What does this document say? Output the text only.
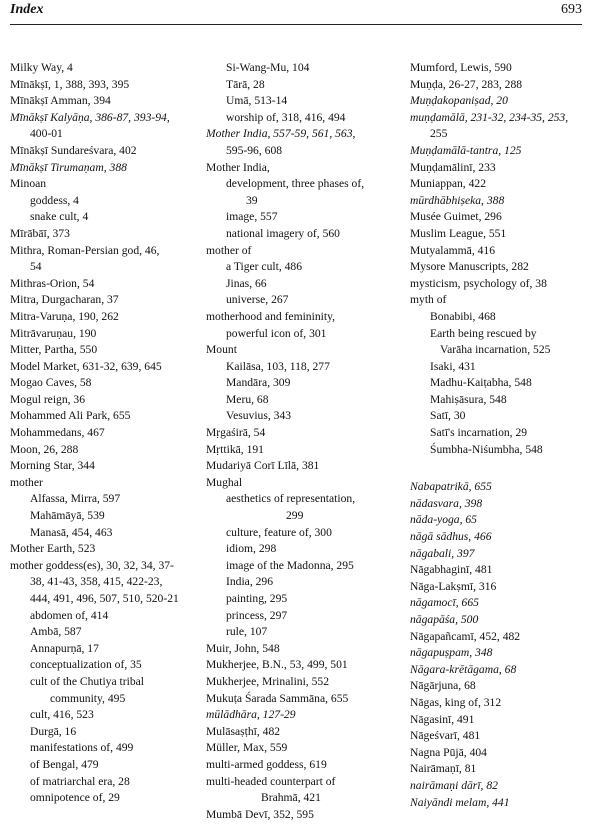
Index	693
Milky Way, 4
Mīnākṣī, 1, 388, 393, 395
Mīnākṣī Amman, 394
Mīnākṣī Kalyāṇa, 386-87, 393-94,
400-01
Mīnākṣī Sundareśvara, 402
Mīnākṣī Tirumaṇam, 388
Minoan
goddess, 4
snake cult, 4
Mīrābāī, 373
Mithra, Roman-Persian god, 46,
54
Mithras-Orion, 54
Mitra, Durgacharan, 37
Mitra-Varuṇa, 190, 262
Mitrāvaruṇau, 190
Mitter, Partha, 550
Model Market, 631-32, 639, 645
Mogao Caves, 58
Mogul reign, 36
Mohammed Ali Park, 655
Mohammedans, 467
Moon, 26, 288
Morning Star, 344
mother
Alfassa, Mirra, 597
Mahāmāyā, 539
Manasā, 454, 463
Mother Earth, 523
mother goddess(es), 30, 32, 34, 37-
38, 41-43, 358, 415, 422-23,
444, 491, 496, 507, 510, 520-21
abdomen of, 414
Ambā, 587
Annapurṇā, 17
conceptualization of, 35
cult of the Chutiya tribal
community, 495
cult, 416, 523
Durgā, 16
manifestations of, 499
of Bengal, 479
of matriarchal era, 28
omnipotence of, 29
Si-Wang-Mu, 104
Tārā, 28
Umā, 513-14
worship of, 318, 416, 494
Mother India, 557-59, 561, 563,
595-96, 608
Mother India,
development, three phases of,
39
image, 557
national imagery of, 560
mother of
a Tiger cult, 486
Jinas, 66
universe, 267
motherhood and femininity,
powerful icon of, 301
Mount
Kailāsa, 103, 118, 277
Mandāra, 309
Meru, 68
Vesuvius, 343
Mṛgaśirā, 54
Mṛttikā, 191
Mudariyā Corī Līlā, 381
Mughal
aesthetics of representation,
299
culture, feature of, 300
idiom, 298
image of the Madonna, 295
India, 296
painting, 295
princess, 297
rule, 107
Muir, John, 548
Mukherjee, B.N., 53, 499, 501
Mukherjee, Mrinalini, 552
Mukuṭa Śarada Sammāna, 655
mūlādhāra, 127-29
Mulāsaṣṭhī, 482
Müller, Max, 559
multi-armed goddess, 619
multi-headed counterpart of
Brahmā, 421
Mumbā Devī, 352, 595
Mumford, Lewis, 590
Muṇḍa, 26-27, 283, 288
Muṇḍakopaniṣad, 20
muṇḍamālā, 231-32, 234-35, 253,
255
Muṇḍamālā-tantra, 125
Muṇḍamālinī, 233
Muniappan, 422
mūrdhābhiṣeka, 388
Musée Guimet, 296
Muslim League, 551
Mutyalammā, 416
Mysore Manuscripts, 282
mysticism, psychology of, 38
myth of
Bonabibi, 468
Earth being rescued by
Varāha incarnation, 525
Isaki, 431
Madhu-Kaiṭabha, 548
Mahiṣāsura, 548
Satī, 30
Satī's incarnation, 29
Śumbha-Niśumbha, 548
Nabapatrikā, 655
nādasvara, 398
nāda-yoga, 65
nāgā sādhus, 466
nāgabali, 397
Nāgabhaginī, 481
Nāga-Lakṣmī, 316
nāgamocī, 665
nāgapāśa, 500
Nāgapañcamī, 452, 482
nāgapuṣpam, 348
Nāgara-krētāgama, 68
Nāgārjuna, 68
Nāgas, king of, 312
Nāgasinī, 491
Nāgeśvarī, 481
Nagna Pūjā, 404
Nairāmaṇī, 81
nairāmaṇi dārī, 82
Naiyāndi melam, 441
